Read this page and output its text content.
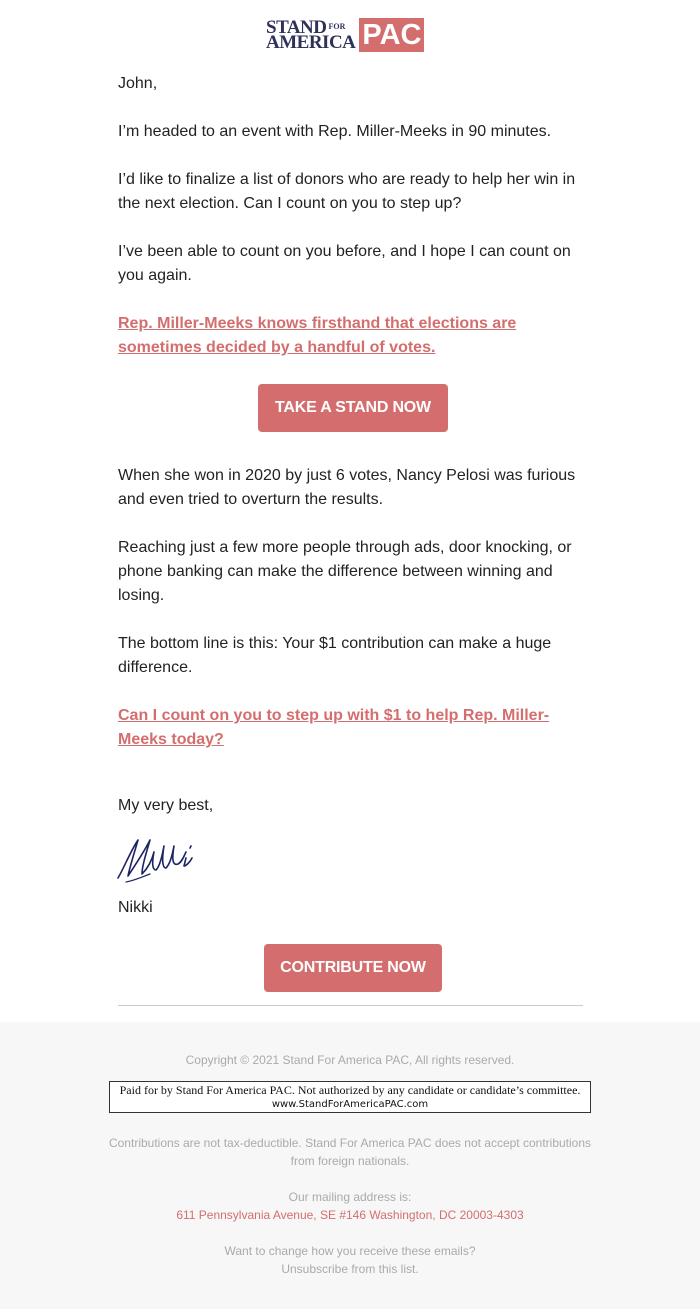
STAND FOR
AMERICA PAC

John,

I’m headed to an event with Rep. Miller-Meeks in 90 minutes.

I’d like to finalize a list of donors who are ready to help her win in the next election. Can I count on you to step up?

I’ve been able to count on you before, and I hope I can count on you again.

Rep. Miller-Meeks knows firsthand that elections are sometimes decided by a handful of votes.

TAKE A STAND NOW

When she won in 2020 by just 6 votes, Nancy Pelosi was furious and even tried to overturn the results.

Reaching just a few more people through ads, door knocking, or phone banking can make the difference between winning and losing.

The bottom line is this: Your $1 contribution can make a huge difference.

Can I count on you to step up with $1 to help Rep. Miller-Meeks today?

My very best,

Nikki

CONTRIBUTE NOW
Copyright © 2021 Stand For America PAC, All rights reserved.
Paid for by Stand For America PAC. Not authorized by any candidate or candidate’s committee.
www.StandForAmericaPAC.com
Contributions are not tax-deductible. Stand For America PAC does not accept contributions from foreign nationals.
Our mailing address is:
611 Pennsylvania Avenue, SE #146 Washington, DC 20003-4303
Want to change how you receive these emails?
Unsubscribe from this list.
